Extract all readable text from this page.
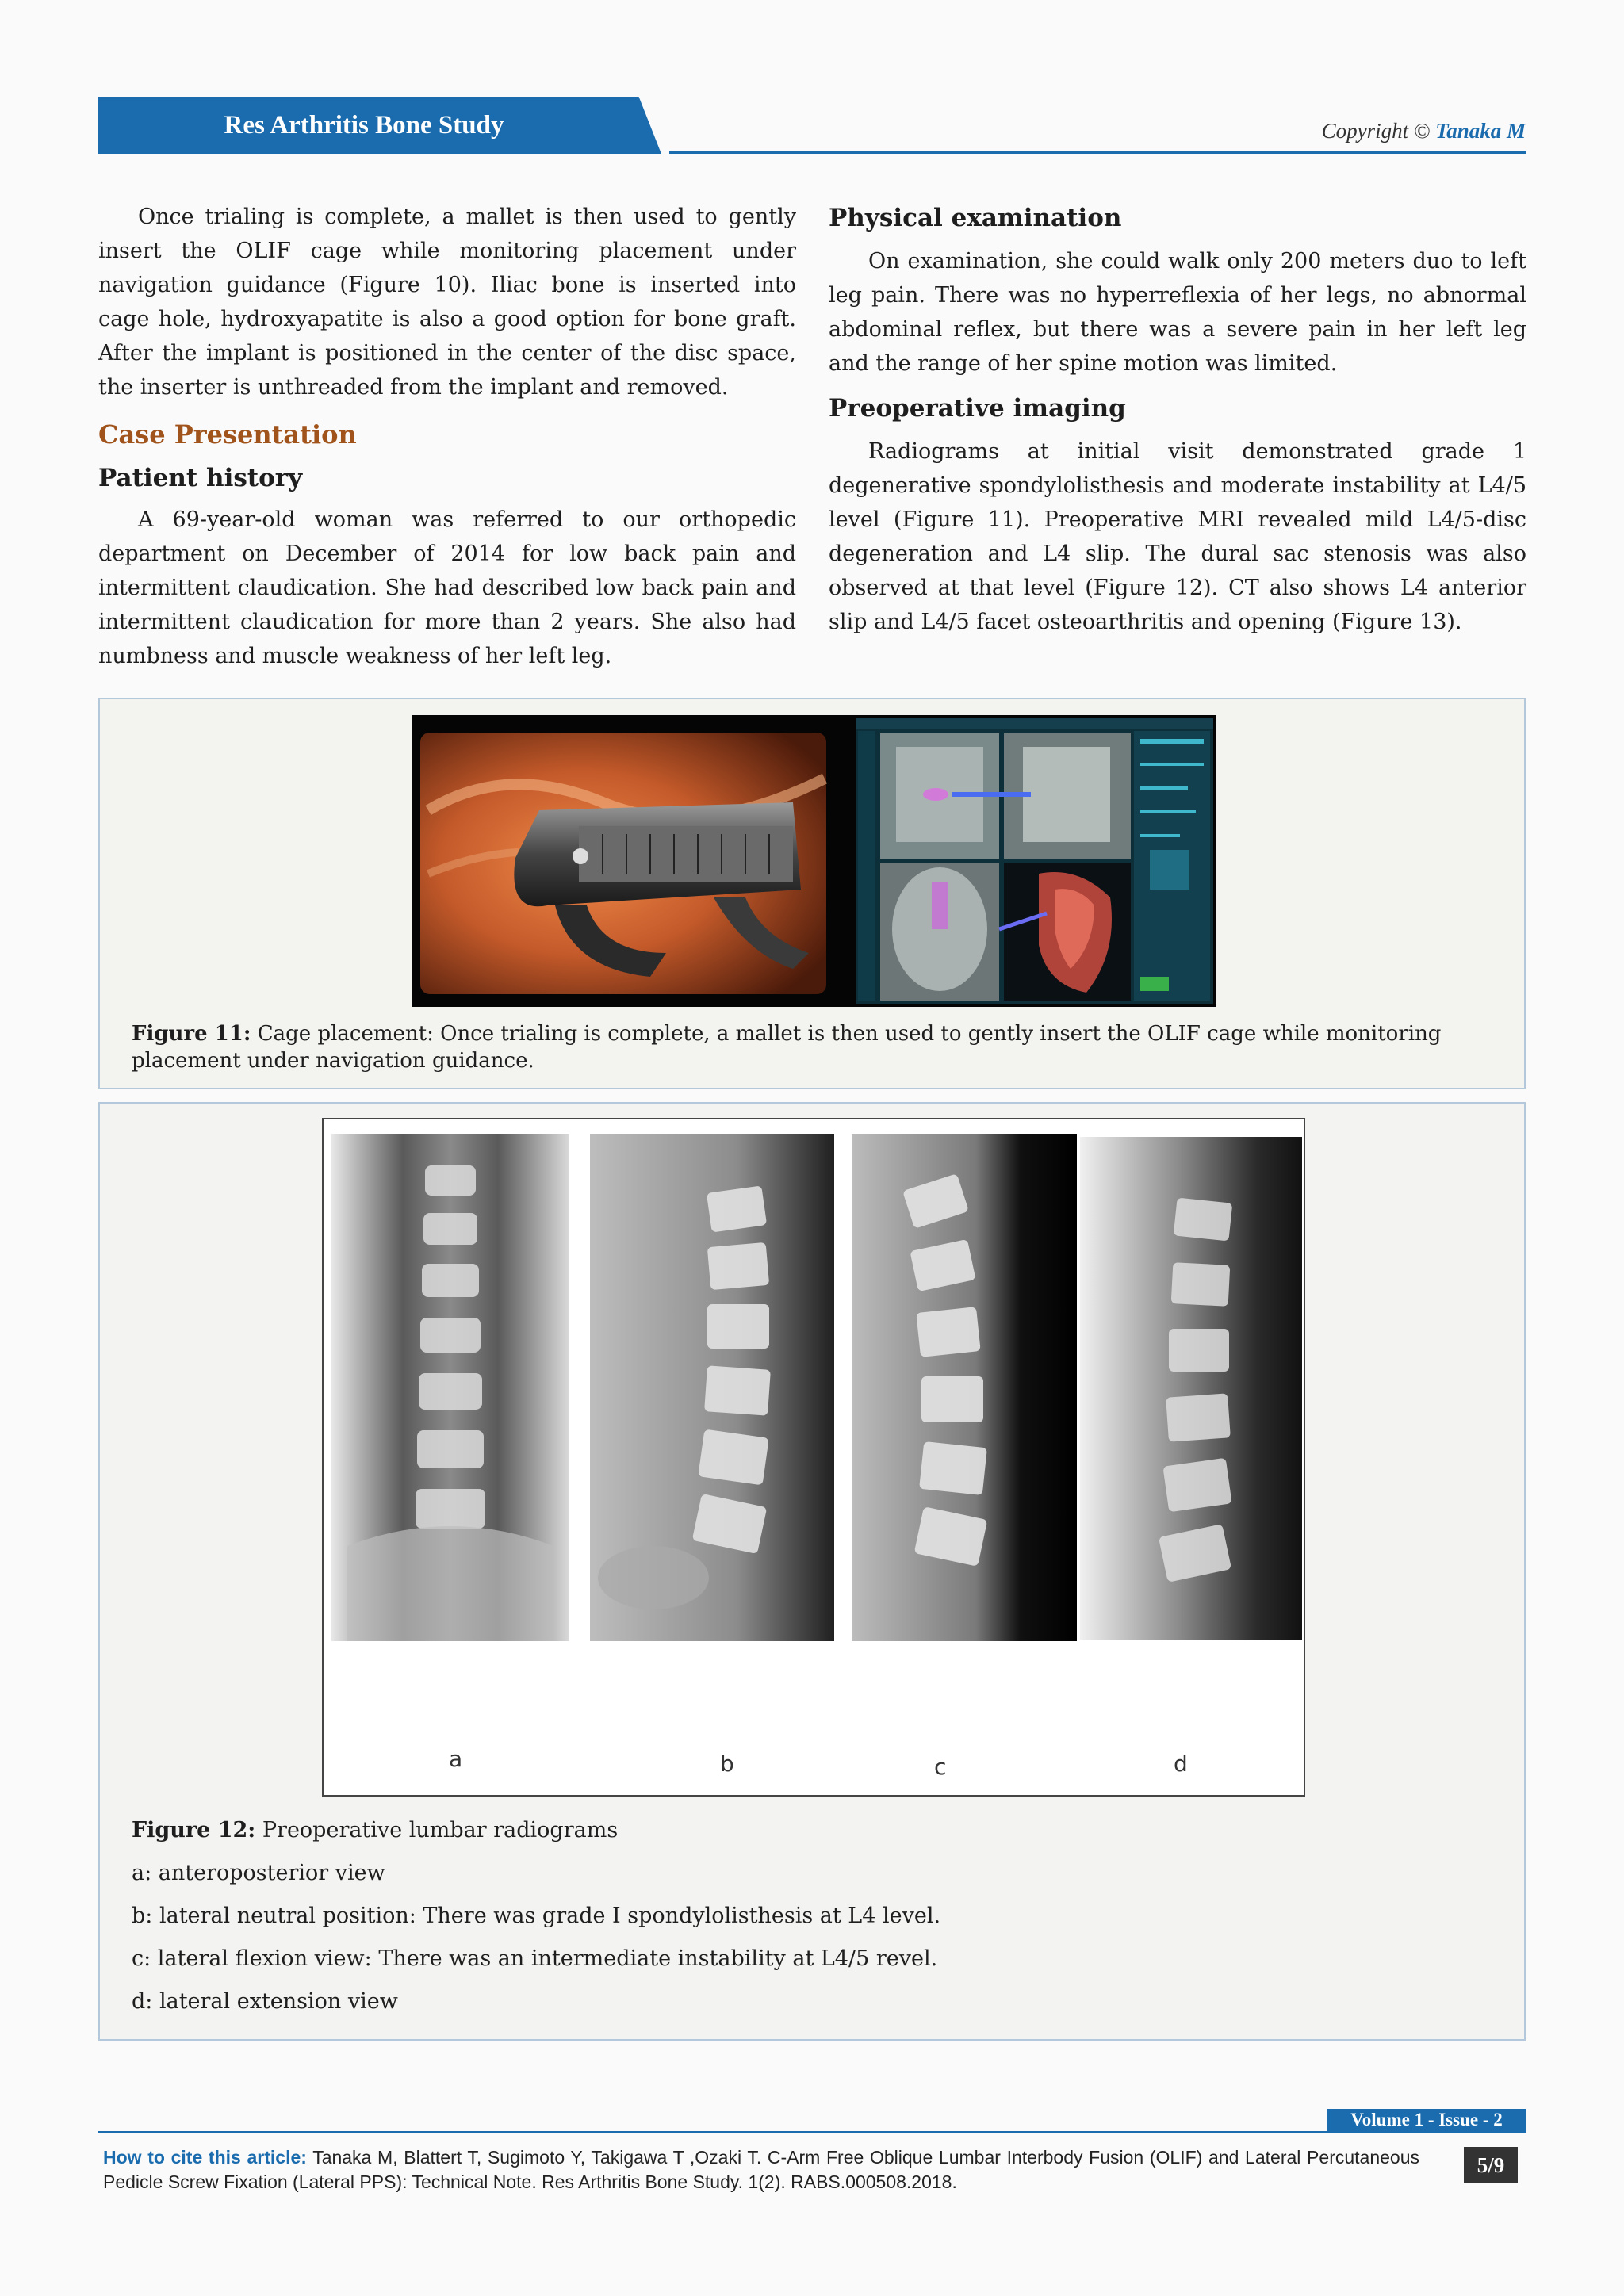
Res Arthritis Bone Study	Copyright © Tanaka M

Once trialing is complete, a mallet is then used to gently insert the OLIF cage while monitoring placement under navigation guidance (Figure 10). Iliac bone is inserted into cage hole, hydroxyapatite is also a good option for bone graft. After the implant is positioned in the center of the disc space, the inserter is unthreaded from the implant and removed.

Case Presentation
Patient history

A 69-year-old woman was referred to our orthopedic department on December of 2014 for low back pain and intermittent claudication. She had described low back pain and intermittent claudication for more than 2 years. She also had numbness and muscle weakness of her left leg.

Physical examination

On examination, she could walk only 200 meters duo to left leg pain. There was no hyperreflexia of her legs, no abnormal abdominal reflex, but there was a severe pain in her left leg and the range of her spine motion was limited.

Preoperative imaging

Radiograms at initial visit demonstrated grade 1 degenerative spondylolisthesis and moderate instability at L4/5 level (Figure 11). Preoperative MRI revealed mild L4/5-disc degeneration and L4 slip. The dural sac stenosis was also observed at that level (Figure 12). CT also shows L4 anterior slip and L4/5 facet osteoarthritis and opening (Figure 13).

Figure 11: Cage placement: Once trialing is complete, a mallet is then used to gently insert the OLIF cage while monitoring placement under navigation guidance.
a	b	c	d
Figure 12: Preoperative lumbar radiograms
a: anteroposterior view
b: lateral neutral position: There was grade I spondylolisthesis at L4 level.
c: lateral flexion view: There was an intermediate instability at L4/5 revel.
d: lateral extension view
Volume 1 - Issue - 2
How to cite this article: Tanaka M, Blattert T, Sugimoto Y, Takigawa T ,Ozaki T. C-Arm Free Oblique Lumbar Interbody Fusion (OLIF) and Lateral Percutaneous Pedicle Screw Fixation (Lateral PPS): Technical Note. Res Arthritis Bone Study. 1(2). RABS.000508.2018.
5/9
